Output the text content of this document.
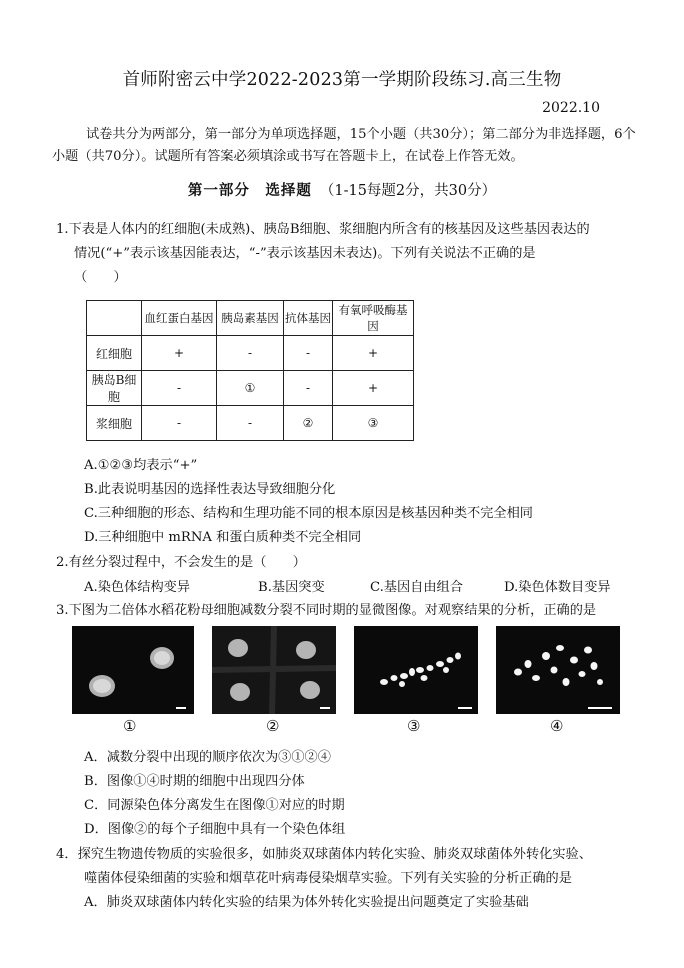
首师附密云中学2022-2023第一学期阶段练习.高三生物
2022.10
试卷共分为两部分，第一部分为单项选择题，15个小题（共30分）；第二部分为非选择题，6个小题（共70分）。试题所有答案必须填涂或书写在答题卡上，在试卷上作答无效。
第一部分　选择题 （1-15每题2分，共30分）
1.下表是人体内的红细胞(未成熟)、胰岛B细胞、浆细胞内所含有的核基因及这些基因表达的
情况(“+”表示该基因能表达，“-”表示该基因未表达)。下列有关说法不正确的是
（　　）
	血红蛋白基因	胰岛素基因	抗体基因	有氧呼吸酶基因
红细胞	+	-	-	+
胰岛B细胞	-	①	-	+
浆细胞	-	-	②	③
A.①②③均表示“+”
B.此表说明基因的选择性表达导致细胞分化
C.三种细胞的形态、结构和生理功能不同的根本原因是核基因种类不完全相同
D.三种细胞中 mRNA 和蛋白质种类不完全相同
2.有丝分裂过程中，不会发生的是（　　）
A.染色体结构变异	B.基因突变	C.基因自由组合	D.染色体数目变异
3.下图为二倍体水稻花粉母细胞减数分裂不同时期的显微图像。对观察结果的分析，正确的是
①	②	③	④
A．减数分裂中出现的顺序依次为③①②④
B．图像①④时期的细胞中出现四分体
C．同源染色体分离发生在图像①对应的时期
D．图像②的每个子细胞中具有一个染色体组
4．探究生物遗传物质的实验很多，如肺炎双球菌体内转化实验、肺炎双球菌体外转化实验、
噬菌体侵染细菌的实验和烟草花叶病毒侵染烟草实验。下列有关实验的分析正确的是
A．肺炎双球菌体内转化实验的结果为体外转化实验提出问题奠定了实验基础
